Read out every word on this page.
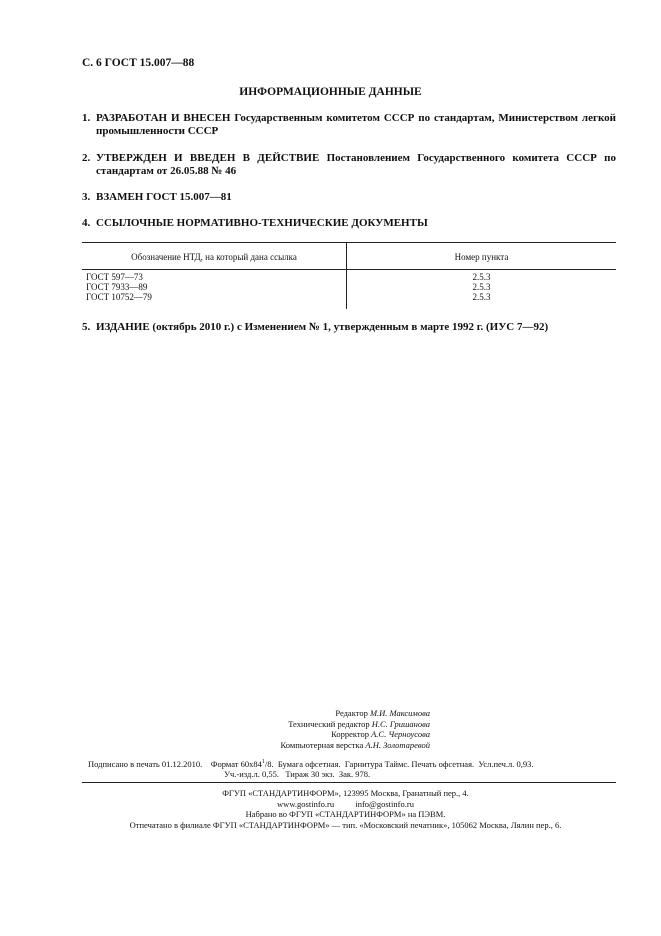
С. 6 ГОСТ 15.007—88
ИНФОРМАЦИОННЫЕ ДАННЫЕ
1. РАЗРАБОТАН И ВНЕСЕН Государственным комитетом СССР по стандартам, Министерством легкой промышленности СССР
2. УТВЕРЖДЕН И ВВЕДЕН В ДЕЙСТВИЕ Постановлением Государственного комитета СССР по стандартам от 26.05.88 № 46
3. ВЗАМЕН ГОСТ 15.007—81
4. ССЫЛОЧНЫЕ НОРМАТИВНО-ТЕХНИЧЕСКИЕ ДОКУМЕНТЫ
5. ИЗДАНИЕ (октябрь 2010 г.) с Изменением № 1, утвержденным в марте 1992 г. (ИУС 7—92)
Обозначение НТД, на который дана ссылка	Номер пункта
ГОСТ 597—73	2.5.3
ГОСТ 7933—89	2.5.3
ГОСТ 10752—79	2.5.3
Редактор М.И. Максимова
Технический редактор Н.С. Гришанова
Корректор А.С. Черноусова
Компьютерная верстка А.Н. Золотаревой
Подписано в печать 01.12.2010.    Формат $60x84^1/8$.  Бумага офсетная.  Гарнитура Таймс. Печать офсетная.  Усл.печ.л. 0,93.
Уч.-изд.л. 0,55.   Тираж 30 экз.  Зак. 978.
ФГУП «СТАНДАРТИНФОРМ», 123995 Москва, Гранатный пер., 4.
www.gostinfo.ru          info@gostinfo.ru
Набрано во ФГУП «СТАНДАРТИНФОРМ» на ПЭВМ.
Отпечатано в филиале ФГУП «СТАНДАРТИНФОРМ» — тип. «Московский печатник», 105062 Москва, Лялин пер., 6.
